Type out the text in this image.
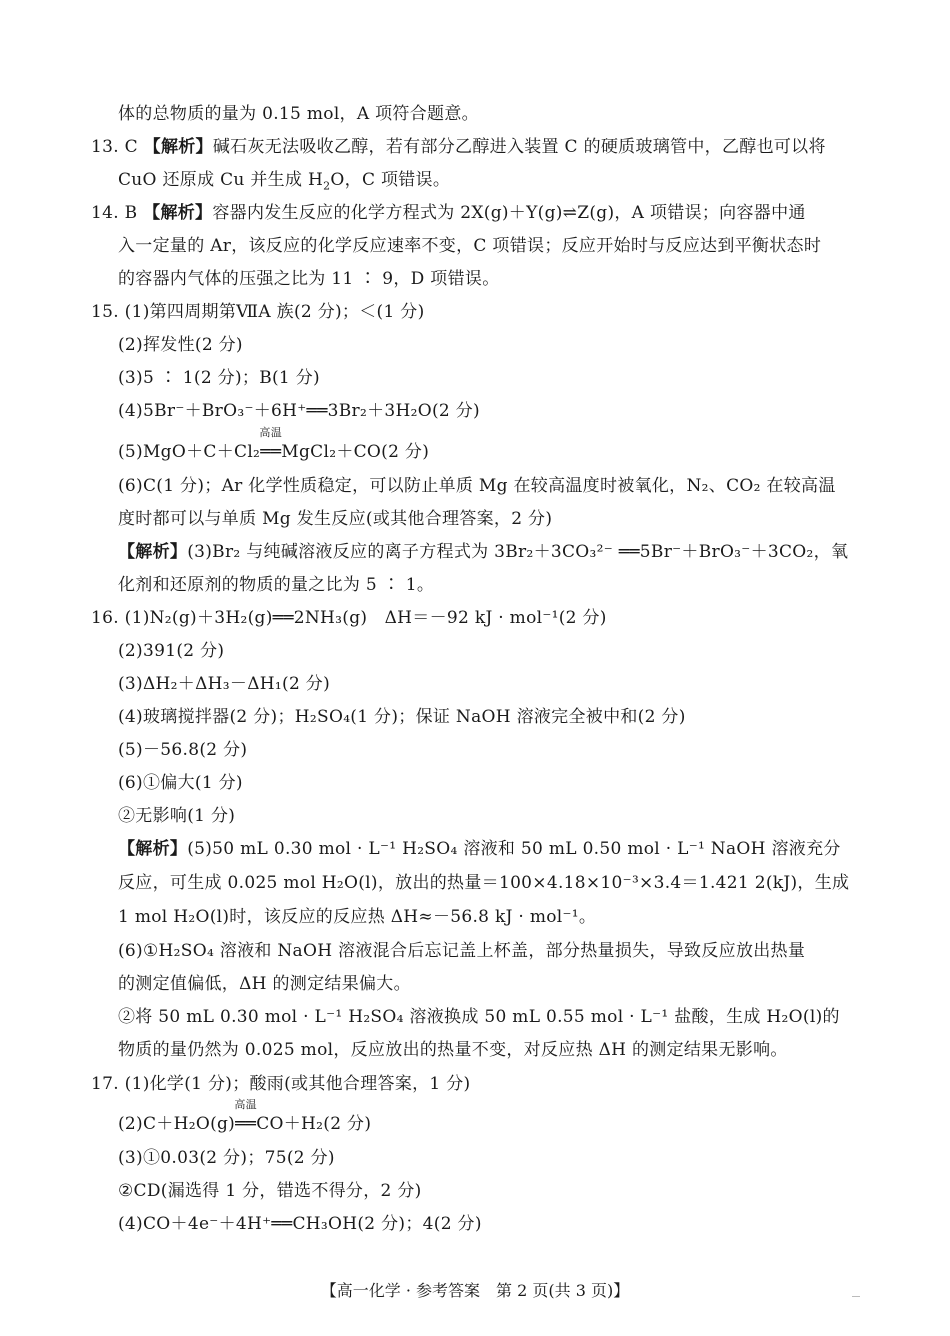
体的总物质的量为 0.15 mol，A 项符合题意。
13. C 【解析】碱石灰无法吸收乙醇，若有部分乙醇进入装置 C 的硬质玻璃管中，乙醇也可以将
CuO 还原成 Cu 并生成 $H_2O$，C 项错误。
14. B 【解析】容器内发生反应的化学方程式为 2X(g)＋Y(g)⇌Z(g)，A 项错误；向容器中通
入一定量的 Ar，该反应的化学反应速率不变，C 项错误；反应开始时与反应达到平衡状态时
的容器内气体的压强之比为 11 ∶ 9，D 项错误。
15. (1)第四周期第ⅦA 族(2 分)；＜(1 分)
(2)挥发性(2 分)
(3)5 ∶ 1(2 分)；B(1 分)
(4)5Br⁻＋BrO₃⁻＋6H⁺══3Br₂＋3H₂O(2 分)
(5)MgO＋C＋Cl₂
高温
══MgCl₂＋CO(2 分)
(6)C(1 分)；Ar 化学性质稳定，可以防止单质 Mg 在较高温度时被氧化，N₂、CO₂ 在较高温
度时都可以与单质 Mg 发生反应(或其他合理答案，2 分)
【解析】(3)Br₂ 与纯碱溶液反应的离子方程式为 3Br₂＋3CO₃²⁻ ══5Br⁻＋BrO₃⁻＋3CO₂，氧
化剂和还原剂的物质的量之比为 5 ∶ 1。
16. (1)N₂(g)＋3H₂(g)══2NH₃(g)　ΔH＝－92 kJ · mol⁻¹(2 分)
(2)391(2 分)
(3)ΔH₂＋ΔH₃－ΔH₁(2 分)
(4)玻璃搅拌器(2 分)；H₂SO₄(1 分)；保证 NaOH 溶液完全被中和(2 分)
(5)－56.8(2 分)
(6)①偏大(1 分)
②无影响(1 分)
【解析】(5)50 mL 0.30 mol · L⁻¹ H₂SO₄ 溶液和 50 mL 0.50 mol · L⁻¹ NaOH 溶液充分
反应，可生成 0.025 mol H₂O(l)，放出的热量＝100×4.18×10⁻³×3.4＝1.421 2(kJ)，生成
1 mol H₂O(l)时，该反应的反应热 ΔH≈－56.8 kJ · mol⁻¹。
(6)①H₂SO₄ 溶液和 NaOH 溶液混合后忘记盖上杯盖，部分热量损失，导致反应放出热量
的测定值偏低，ΔH 的测定结果偏大。
②将 50 mL 0.30 mol · L⁻¹ H₂SO₄ 溶液换成 50 mL 0.55 mol · L⁻¹ 盐酸，生成 H₂O(l)的
物质的量仍然为 0.025 mol，反应放出的热量不变，对反应热 ΔH 的测定结果无影响。
17. (1)化学(1 分)；酸雨(或其他合理答案，1 分)
(2)C＋H₂O(g)
高温
══CO＋H₂(2 分)
(3)①0.03(2 分)；75(2 分)
②CD(漏选得 1 分，错选不得分，2 分)
(4)CO＋4e⁻＋4H⁺══CH₃OH(2 分)；4(2 分)
【高一化学 · 参考答案　第 2 页(共 3 页)】
